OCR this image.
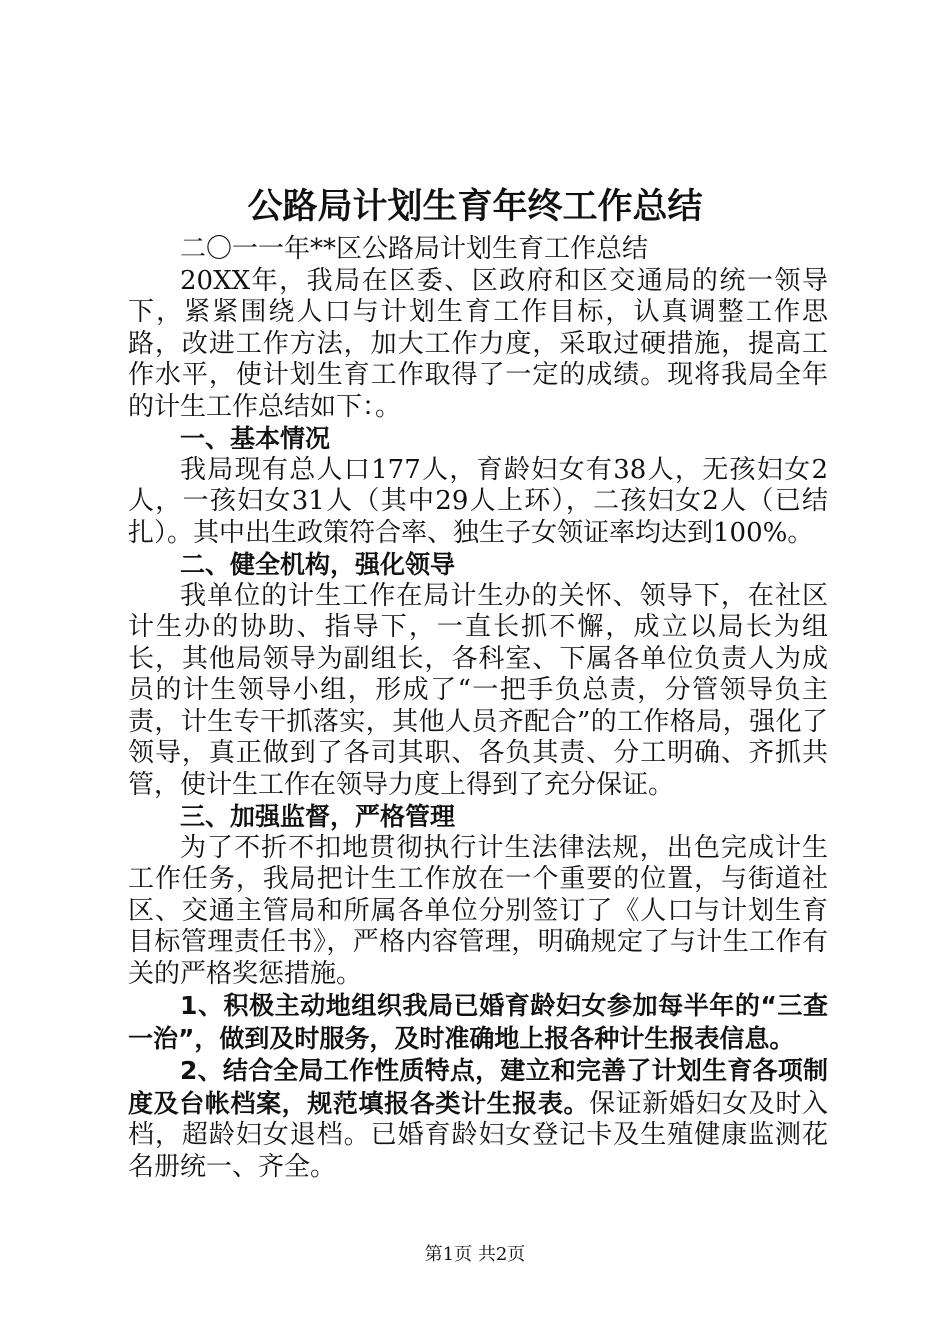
公路局计划生育年终工作总结

二〇一一年**区公路局计划生育工作总结

20XX年，我局在区委、区政府和区交通局的统一领导下，紧紧围绕人口与计划生育工作目标，认真调整工作思路，改进工作方法，加大工作力度，采取过硬措施，提高工作水平，使计划生育工作取得了一定的成绩。现将我局全年的计生工作总结如下：。

一、基本情况

我局现有总人口177人，育龄妇女有38人，无孩妇女2人，一孩妇女31人（其中29人上环），二孩妇女2人（已结扎）。其中出生政策符合率、独生子女领证率均达到100%。

二、健全机构，强化领导

我单位的计生工作在局计生办的关怀、领导下，在社区计生办的协助、指导下，一直长抓不懈，成立以局长为组长，其他局领导为副组长，各科室、下属各单位负责人为成员的计生领导小组，形成了“一把手负总责，分管领导负主责，计生专干抓落实，其他人员齐配合”的工作格局，强化了领导，真正做到了各司其职、各负其责、分工明确、齐抓共管，使计生工作在领导力度上得到了充分保证。

三、加强监督，严格管理

为了不折不扣地贯彻执行计生法律法规，出色完成计生工作任务，我局把计生工作放在一个重要的位置，与街道社区、交通主管局和所属各单位分别签订了《人口与计划生育目标管理责任书》，严格内容管理，明确规定了与计生工作有关的严格奖惩措施。

1、积极主动地组织我局已婚育龄妇女参加每半年的“三查一治”，做到及时服务，及时准确地上报各种计生报表信息。

2、结合全局工作性质特点，建立和完善了计划生育各项制度及台帐档案，规范填报各类计生报表。保证新婚妇女及时入档，超龄妇女退档。已婚育龄妇女登记卡及生殖健康监测花名册统一、齐全。

第1页 共2页
